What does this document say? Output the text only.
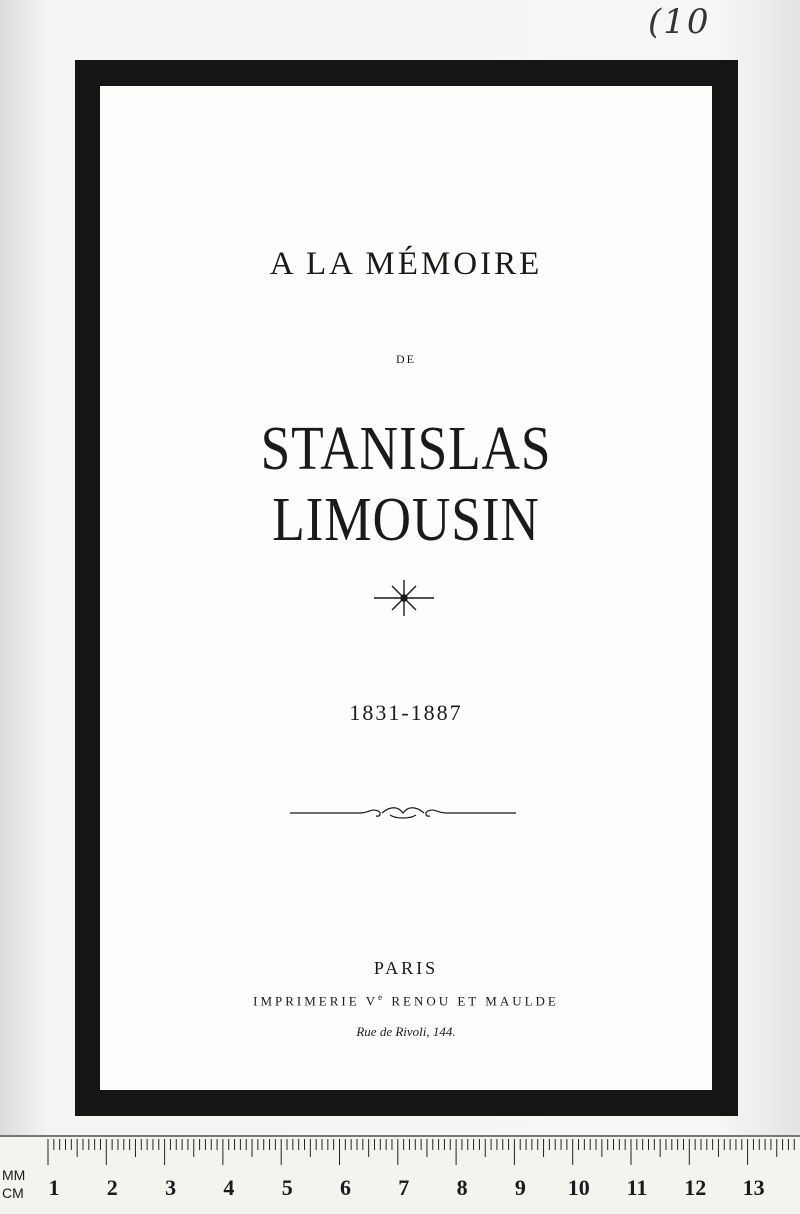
(10
A LA MÉMOIRE
DE
STANISLAS LIMOUSIN
1831-1887
PARIS
IMPRIMERIE Ve RENOU ET MAULDE
Rue de Rivoli, 144.
MM
CM 1 2 3 4 5 6 7 8 9 10 11 12 13
